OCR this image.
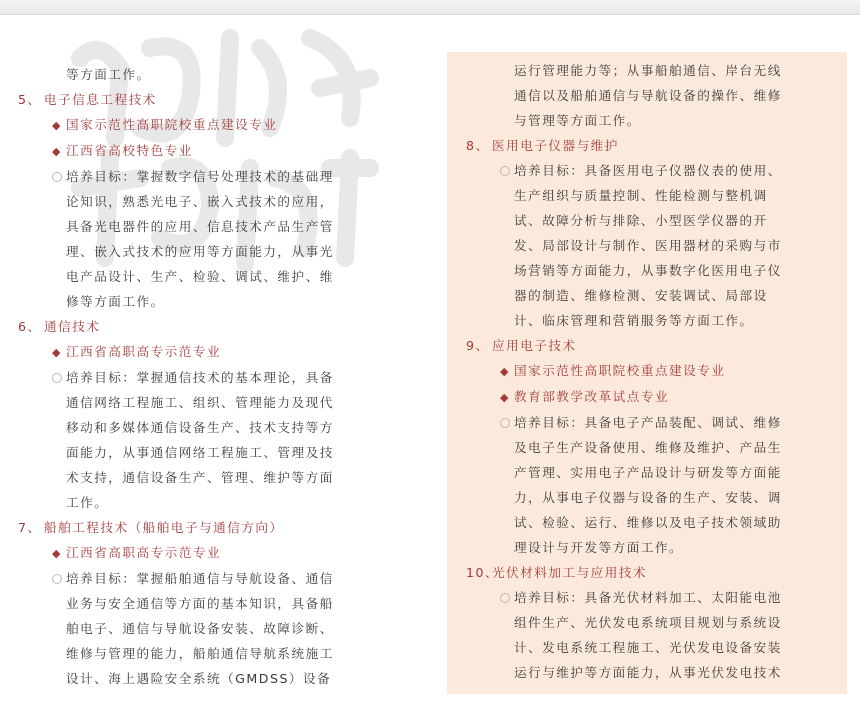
等方面工作。
5、 电子信息工程技术
◆ 国家示范性高职院校重点建设专业
◆ 江西省高校特色专业
培养目标：掌握数字信号处理技术的基础理
论知识，熟悉光电子、嵌入式技术的应用，
具备光电器件的应用、信息技术产品生产管
理、嵌入式技术的应用等方面能力，从事光
电产品设计、生产、检验、调试、维护、维
修等方面工作。
6、 通信技术
◆ 江西省高职高专示范专业
培养目标：掌握通信技术的基本理论，具备
通信网络工程施工、组织、管理能力及现代
移动和多媒体通信设备生产、技术支持等方
面能力，从事通信网络工程施工、管理及技
术支持，通信设备生产、管理、维护等方面
工作。
7、 船舶工程技术（船舶电子与通信方向）
◆ 江西省高职高专示范专业
培养目标：掌握船舶通信与导航设备、通信
业务与安全通信等方面的基本知识，具备船
舶电子、通信与导航设备安装、故障诊断、
维修与管理的能力，船舶通信导航系统施工
设计、海上遇险安全系统（GMDSS）设备
运行管理能力等；从事船舶通信、岸台无线
通信以及船舶通信与导航设备的操作、维修
与管理等方面工作。
8、 医用电子仪器与维护
培养目标：具备医用电子仪器仪表的使用、
生产组织与质量控制、性能检测与整机调
试、故障分析与排除、小型医学仪器的开
发、局部设计与制作、医用器材的采购与市
场营销等方面能力，从事数字化医用电子仪
器的制造、维修检测、安装调试、局部设
计、临床管理和营销服务等方面工作。
9、 应用电子技术
◆ 国家示范性高职院校重点建设专业
◆ 教育部教学改革试点专业
培养目标：具备电子产品装配、调试、维修
及电子生产设备使用、维修及维护、产品生
产管理、实用电子产品设计与研发等方面能
力，从事电子仪器与设备的生产、安装、调
试、检验、运行、维修以及电子技术领域助
理设计与开发等方面工作。
10、光伏材料加工与应用技术
培养目标：具备光伏材料加工、太阳能电池
组件生产、光伏发电系统项目规划与系统设
计、发电系统工程施工、光伏发电设备安装
运行与维护等方面能力，从事光伏发电技术
